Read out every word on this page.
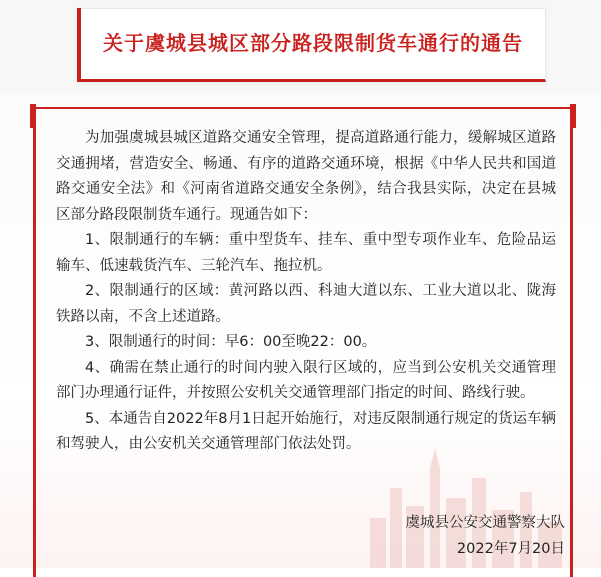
关于虞城县城区部分路段限制货车通行的通告

为加强虞城县城区道路交通安全管理，提高道路通行能力，缓解城区道路交通拥堵，营造安全、畅通、有序的道路交通环境，根据《中华人民共和国道路交通安全法》和《河南省道路交通安全条例》，结合我县实际，决定在县城区部分路段限制货车通行。现通告如下：

1、限制通行的车辆：重中型货车、挂车、重中型专项作业车、危险品运输车、低速载货汽车、三轮汽车、拖拉机。

2、限制通行的区域：黄河路以西、科迪大道以东、工业大道以北、陇海铁路以南，不含上述道路。

3、限制通行的时间：早6：00至晚22：00。

4、确需在禁止通行的时间内驶入限行区域的，应当到公安机关交通管理部门办理通行证件，并按照公安机关交通管理部门指定的时间、路线行驶。

5、本通告自2022年8月1日起开始施行，对违反限制通行规定的货运车辆和驾驶人，由公安机关交通管理部门依法处罚。

虞城县公安交通警察大队
2022年7月20日
